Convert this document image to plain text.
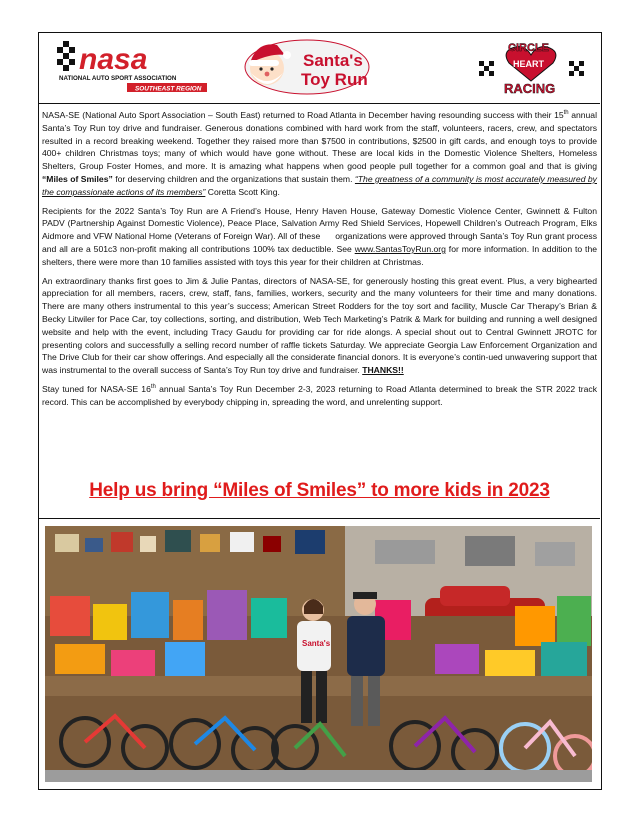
nasa
NATIONAL AUTO SPORT ASSOCIATION
SOUTHEAST REGION
Santa's
Toy Run
CIRCLE
HEART
RACING

NASA-SE (National Auto Sport Association – South East) returned to Road Atlanta in December having resounding success with their 15th annual Santa’s Toy Run toy drive and fundraiser. Generous donations combined with hard work from the staff, volunteers, racers, crew, and spectators resulted in a record breaking weekend. Together they raised more than $7500 in contributions, $2500 in gift cards, and enough toys to provide 400+ children Christmas toys; many of which would have gone without. These are local kids in the Domestic Violence Shelters, Homeless Shelters, Group Foster Homes, and more. It is amazing what happens when good people pull together for a common goal and that is giving “Miles of Smiles” for deserving children and the organizations that sustain them. “The greatness of a community is most accurately measured by the compassionate actions of its members” Coretta Scott King.

Recipients for the 2022 Santa’s Toy Run are A Friend’s House, Henry Haven House, Gateway Domestic Violence Center, Gwinnett & Fulton PADV (Partnership Against Domestic Violence), Peace Place, Salvation Army Red Shield Services, Hopewell Children’s Outreach Program, Elks Aidmore and VFW National Home (Veterans of Foreign War). All of these      organizations were approved through Santa’s Toy Run grant process and all are a 501c3 non-profit making all contributions 100% tax deductible. See www.SantasToyRun.org for more information. In addition to the shelters, there were more than 10 families assisted with toys this year for their children at Christmas.

An extraordinary thanks first goes to Jim & Julie Pantas, directors of NASA-SE, for generously hosting this great event. Plus, a very bighearted appreciation for all members, racers, crew, staff, fans, families, workers, security and the many volunteers for their time and many donations. There are many others instrumental to this year’s success; American Street Rodders for the toy sort and facility, Muscle Car Therapy’s Brian & Becky Litwiler for Pace Car, toy collections, sorting, and distribution, Web Tech Marketing’s Patrik & Mark for building and running a well designed website and help with the event, including Tracy Gaudu for providing car for ride alongs. A special shout out to Central Gwinnett JROTC for presenting colors and successfully a selling record number of raffle tickets Saturday. We appreciate Georgia Law Enforcement Organization and The Drive Club for their car show offerings. And especially all the considerate financial donors. It is everyone’s contin-ued unwavering support that was instrumental to the overall success of Santa’s Toy Run toy drive and fundraiser. THANKS!!

Stay tuned for NASA-SE 16th annual Santa’s Toy Run December 2-3, 2023 returning to Road Atlanta determined to break the STR 2022 track record. This can be accomplished by everybody chipping in, spreading the word, and unrelenting support.

Help us bring “Miles of Smiles” to more kids in 2023
Santa's
